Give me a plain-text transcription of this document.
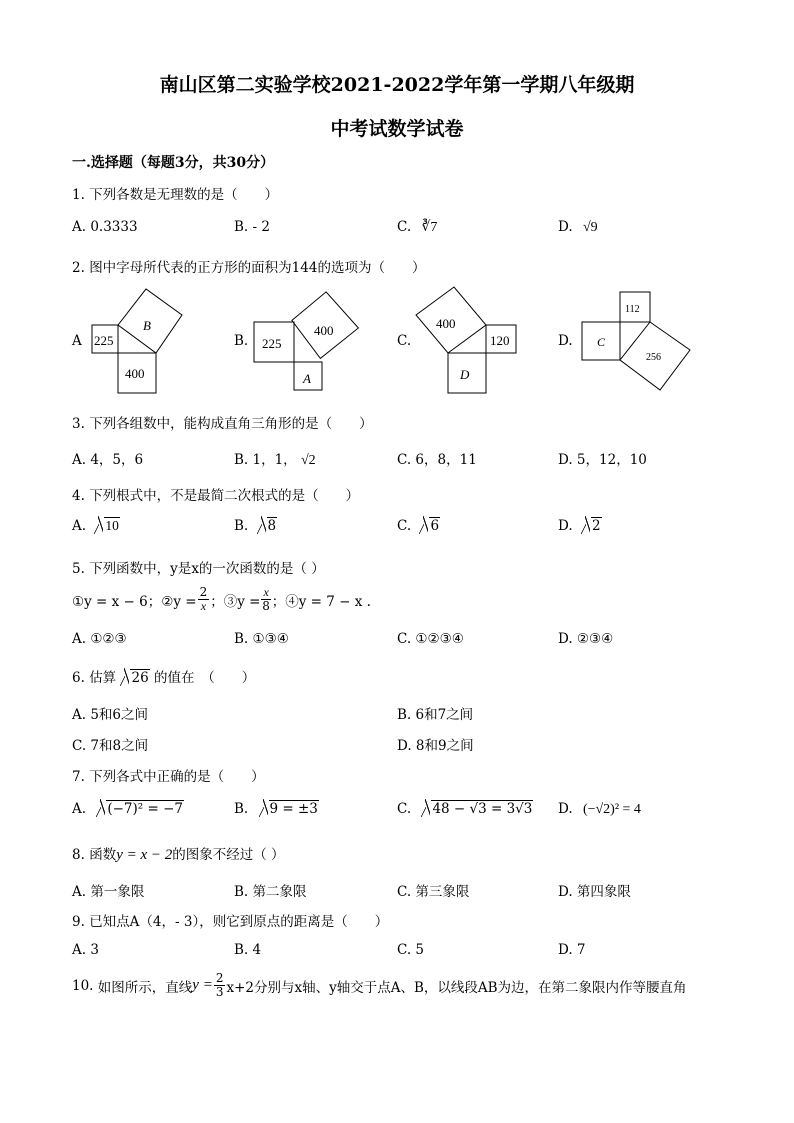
南山区第二实验学校2021-2022学年第一学期八年级期
中考试数学试卷
一.选择题（每题3分，共30分）
1. 下列各数是无理数的是（　　）
A. 0.3333	B. - 2	C. ∛7	D. √9
2. 图中字母所代表的正方形的面积为144的选项为（　　）
A	B.	C.	D.
225
B
400
225
400
A
400
120
D
112
C
256
3. 下列各组数中，能构成直角三角形的是（　　）
A. 4，5，6	B. 1，1， √2	C. 6，8，11	D. 5，12，10
4. 下列根式中，不是最简二次根式的是（　　）
A. 10	B. 8	C. 6	D. 2
5. 下列函数中，y是x的一次函数的是（ ）
①y = x − 6；②y = $\frac{2}{x}$ ；③y = $\frac{x}{8}$ ；④y = 7 − x .
A. ①②③	B. ①③④	C. ①②③④	D. ②③④
6. 估算 26 的值在　（　　）
A. 5和6之间	B. 6和7之间
C. 7和8之间	D. 8和9之间
7. 下列各式中正确的是（　　）
A. (−7)² = −7	B. 9 = ±3	C. 48 − √3 = 3√3 D. (−√2)² = 4
8. 函数y = x − 2的图象不经过（ ）
A. 第一象限	B. 第二象限	C. 第三象限	D. 第四象限
9. 已知点A（4，- 3），则它到原点的距离是（　　）
A. 3	B. 4	C. 5	D. 7
10.
如图所示，直线 $y = \frac{2}{3} x+2$分别与x轴、y轴交于点A、B，以线段AB为边，在第二象限内作等腰直角
